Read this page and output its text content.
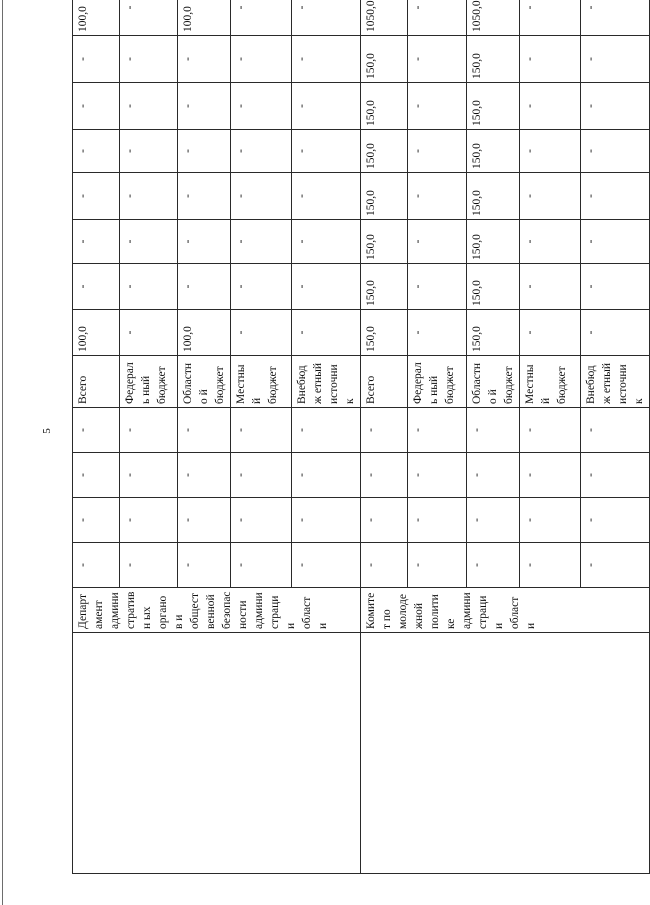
5
	Департамент административн ых органов и общественной безопасности администрации области	-	-	-	-	Всего	100,0	-	-	-	-	-	-	100,0
		-	-	-	-	Федераль ный бюджет	-	-	-	-	-	-	-	-
		-	-	-	-	Областно й бюджет	100,0	-	-	-	-	-	-	100,0
		-	-	-	-	Местный бюджет	-	-	-	-	-	-	-	-
		-	-	-	-	Внебюдж етный источник	-	-	-	-	-	-	-	-
	Комитет по молодежной политике администрации области	-	-	-	-	Всего	150,0	150,0	150,0	150,0	150,0	150,0	150,0	1050,0
		-	-	-	-	Федераль ный бюджет	-	-	-	-	-	-	-	-
		-	-	-	-	Областно й бюджет	150,0	150,0	150,0	150,0	150,0	150,0	150,0	1050,0
		-	-	-	-	Местный бюджет	-	-	-	-	-	-	-	-
		-	-	-	-	Внебюдж етный источник	-	-	-	-	-	-	-	-
